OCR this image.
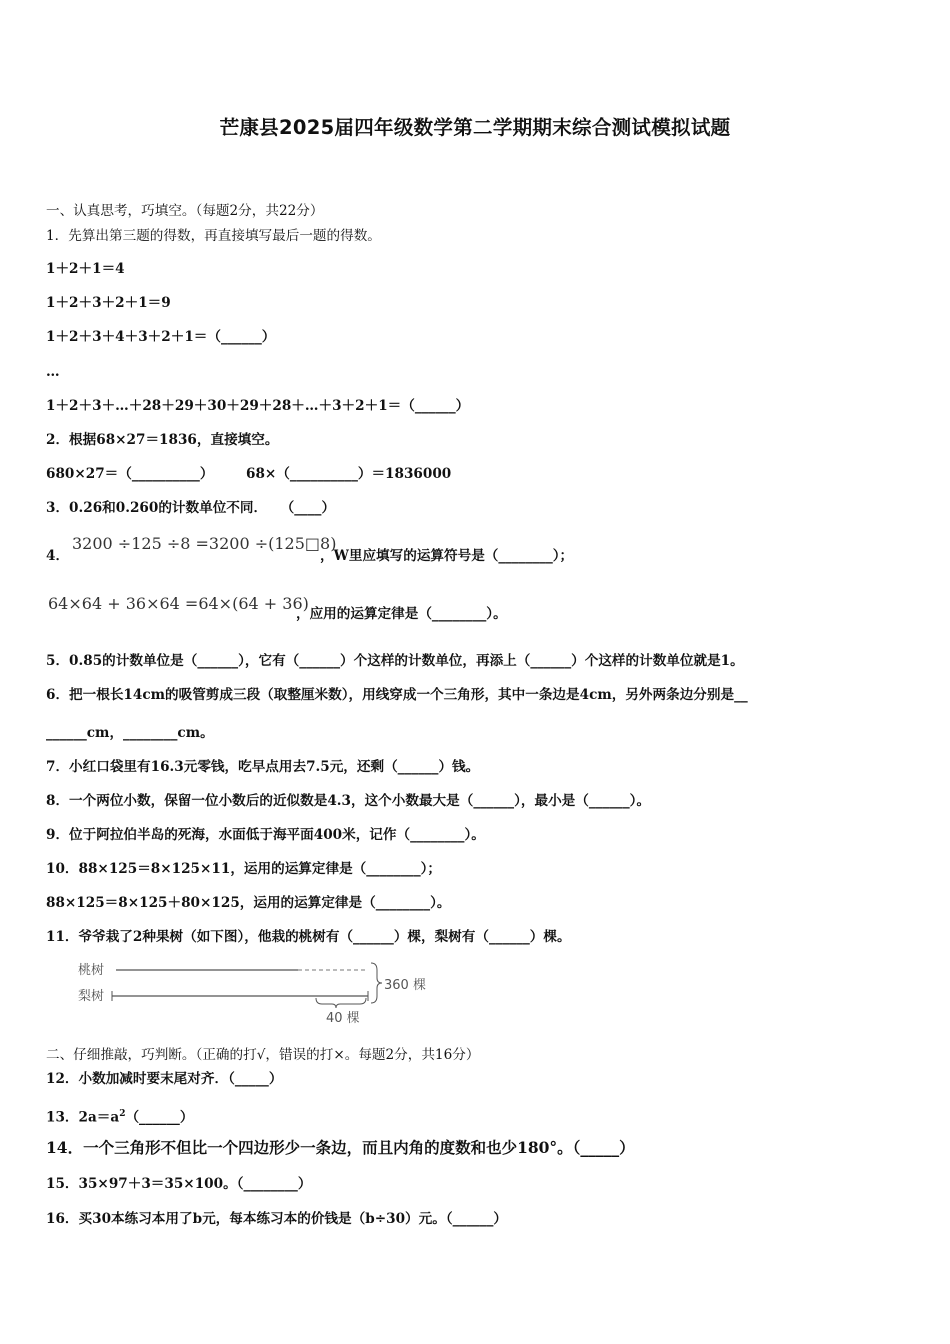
芒康县2025届四年级数学第二学期期末综合测试模拟试题
一、认真思考，巧填空。（每题2分，共22分）
1．先算出第三题的得数，再直接填写最后一题的得数。
1＋2＋1＝4
1＋2＋3＋2＋1＝9
1＋2＋3＋4＋3＋2＋1＝（______）
…
1＋2＋3＋…＋28＋29＋30＋29＋28＋…＋3＋2＋1＝（______）
2．根据68×27＝1836，直接填空。
680×27＝（__________） 68×（__________）＝1836000
3．0.26和0.260的计数单位不同．　　（____）
4．
3200 ÷125 ÷8 =3200 ÷(125□8)
，W里应填写的运算符号是（________）；
64×64 + 36×64 =64×(64 + 36)
，应用的运算定律是（________）。
5．0.85的计数单位是（______），它有（______）个这样的计数单位，再添上（______）个这样的计数单位就是1。
6．把一根长14cm的吸管剪成三段（取整厘米数），用线穿成一个三角形，其中一条边是4cm，另外两条边分别是__
______cm，________cm。
7．小红口袋里有16.3元零钱，吃早点用去7.5元，还剩（______）钱。
8．一个两位小数，保留一位小数后的近似数是4.3，这个小数最大是（______），最小是（______）。
9．位于阿拉伯半岛的死海，水面低于海平面400米，记作（________）。
10．88×125＝8×125×11，运用的运算定律是（________）；
88×125＝8×125＋80×125，运用的运算定律是（________）。
11．爷爷栽了2种果树（如下图），他栽的桃树有（______）棵，梨树有（______）棵。
桃树
梨树
360 棵
40 棵
二、仔细推敲，巧判断。（正确的打√，错误的打×。每题2分，共16分）
12．小数加减时要末尾对齐．（_____）
13．$2a=a^2(\_\_\_\_\_\_)$
14．一个三角形不但比一个四边形少一条边，而且内角的度数和也少180°。（_____）
15．35×97＋3＝35×100。（________）
16．买30本练习本用了b元，每本练习本的价钱是（b÷30）元。（______）
